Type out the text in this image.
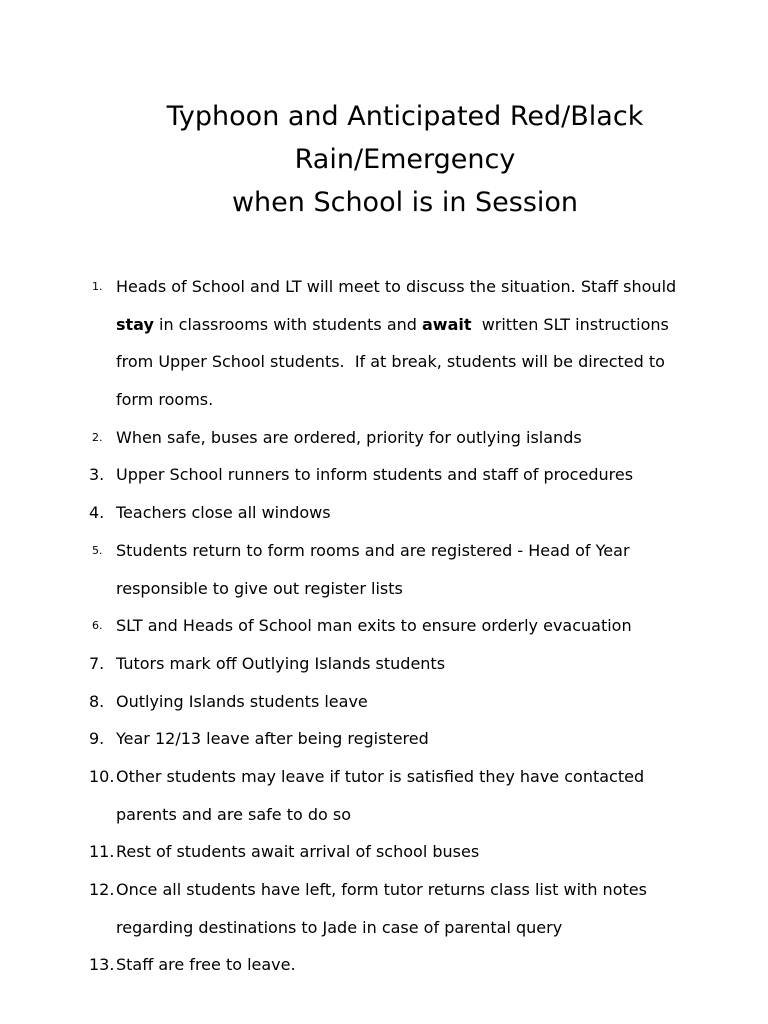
Typhoon and Anticipated Red/Black
Rain/Emergency
when School is in Session
1. Heads of School and LT will meet to discuss the situation. Staff should
stay in classrooms with students and await  written SLT instructions
from Upper School students.  If at break, students will be directed to
form rooms.
2. When safe, buses are ordered, priority for outlying islands
3. Upper School runners to inform students and staff of procedures
4. Teachers close all windows
5. Students return to form rooms and are registered - Head of Year
responsible to give out register lists
6. SLT and Heads of School man exits to ensure orderly evacuation
7. Tutors mark off Outlying Islands students
8. Outlying Islands students leave
9. Year 12/13 leave after being registered
10. Other students may leave if tutor is satisfied they have contacted
parents and are safe to do so
11. Rest of students await arrival of school buses
12. Once all students have left, form tutor returns class list with notes
regarding destinations to Jade in case of parental query
13. Staff are free to leave.
